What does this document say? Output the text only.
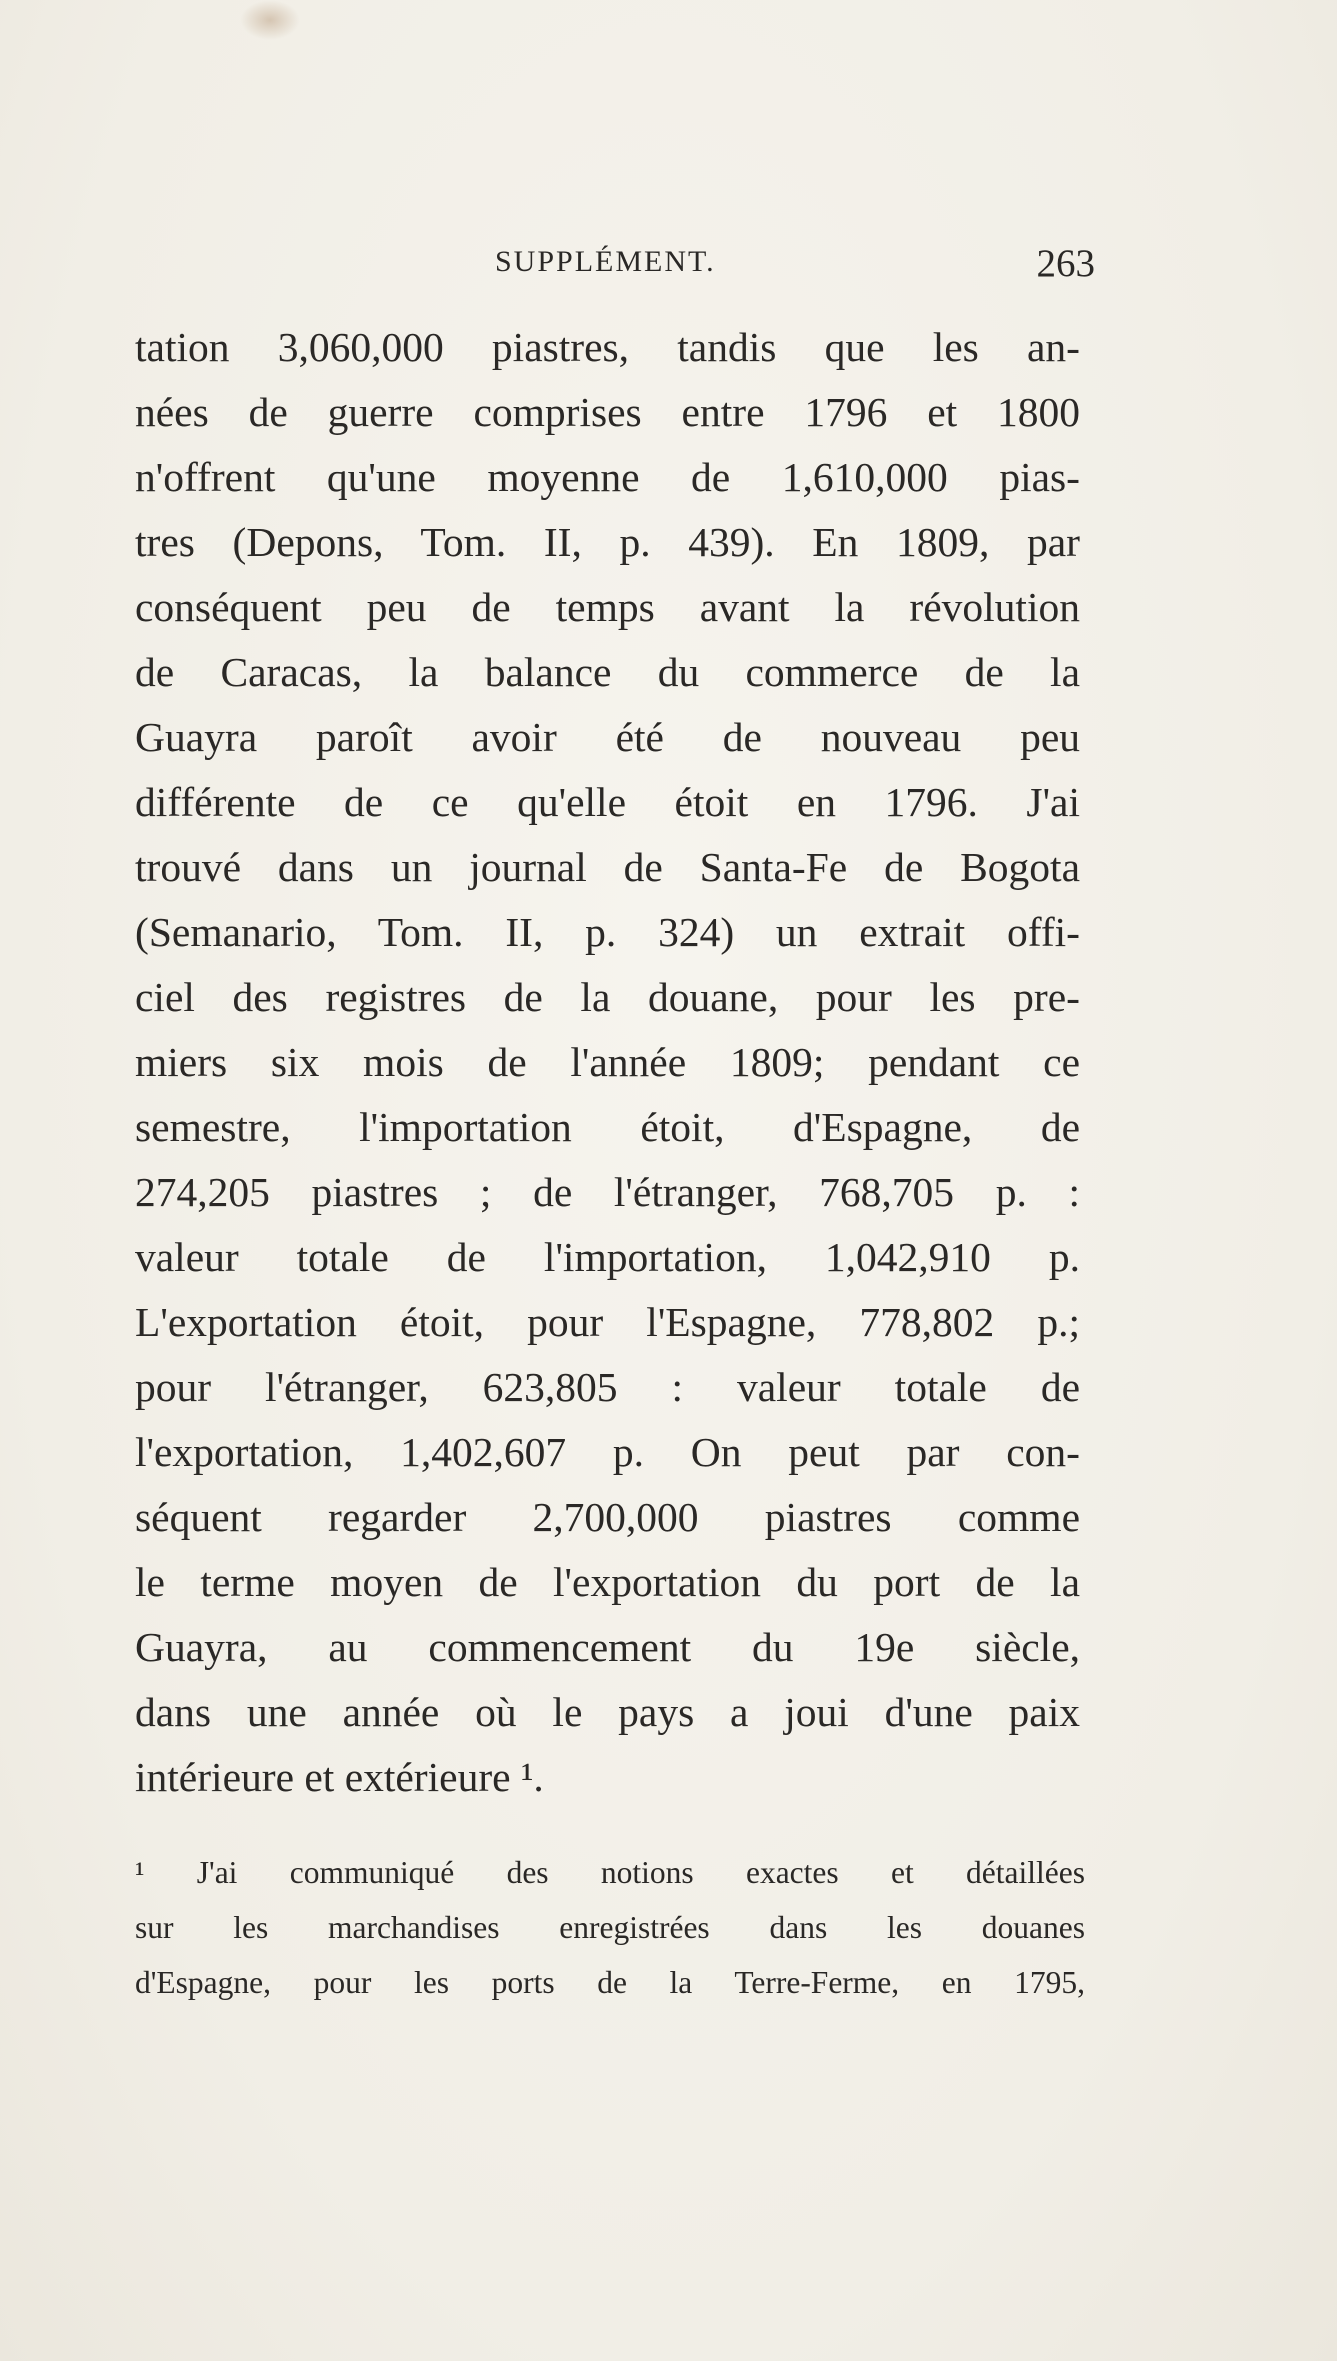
SUPPLÉMENT.	263
tation 3,060,000 piastres, tandis que les an-
nées de guerre comprises entre 1796 et 1800
n'offrent qu'une moyenne de 1,610,000 pias-
tres (Depons, Tom. II, p. 439). En 1809, par
conséquent peu de temps avant la révolution
de Caracas, la balance du commerce de la
Guayra paroît avoir été de nouveau peu
différente de ce qu'elle étoit en 1796. J'ai
trouvé dans un journal de Santa-Fe de Bogota
(Semanario, Tom. II, p. 324) un extrait offi-
ciel des registres de la douane, pour les pre-
miers six mois de l'année 1809; pendant ce
semestre, l'importation étoit, d'Espagne, de
274,205 piastres ; de l'étranger, 768,705 p. :
valeur totale de l'importation, 1,042,910 p.
L'exportation étoit, pour l'Espagne, 778,802 p.;
pour l'étranger, 623,805 : valeur totale de
l'exportation, 1,402,607 p. On peut par con-
séquent regarder 2,700,000 piastres comme
le terme moyen de l'exportation du port de la
Guayra, au commencement du 19e siècle,
dans une année où le pays a joui d'une paix
intérieure et extérieure ¹.
¹ J'ai communiqué des notions exactes et détaillées
sur les marchandises enregistrées dans les douanes
d'Espagne, pour les ports de la Terre-Ferme, en 1795,
